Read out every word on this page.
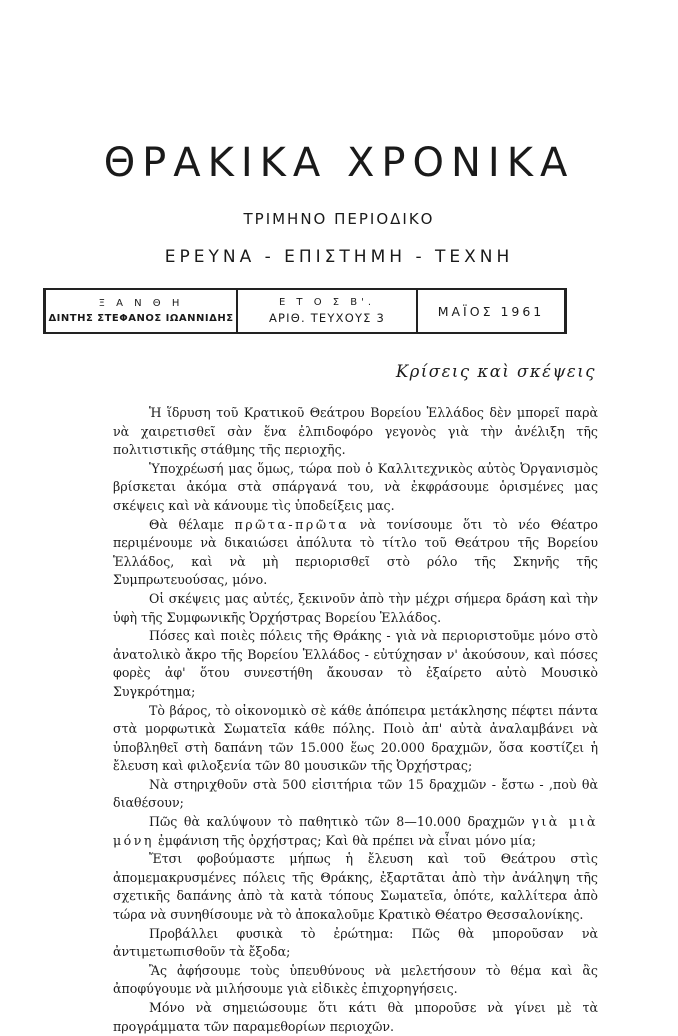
ΘΡΑΚΙΚΑ ΧΡΟΝΙΚΑ
ΤΡΙΜΗΝΟ ΠΕΡΙΟΔΙΚΟ
ΕΡΕΥΝΑ - ΕΠΙΣΤΗΜΗ - ΤΕΧΝΗ
Ξ Α Ν Θ Η
ΔΙΝΤΗΣ ΣΤΕΦΑΝΟΣ ΙΩΑΝΝΙΔΗΣ
Ε Τ Ο Σ Β'.
ΑΡΙΘ. ΤΕΥΧΟΥΣ 3	ΜΑΪΟΣ 1961
Κρίσεις καὶ σκέψεις

Ἡ ἵδρυση τοῦ Κρατικοῦ Θεάτρου Βορείου Ἑλλάδος δὲν μπορεῖ παρὰ νὰ χαιρετισθεῖ σὰν ἕνα ἐλπιδοφόρο γεγονὸς γιὰ τὴν ἀνέλιξη τῆς πολιτιστικῆς στάθμης τῆς περιοχῆς.

Ὑποχρέωσή μας ὅμως, τώρα ποὺ ὁ Καλλιτεχνικὸς αὐτὸς Ὀργανισμὸς βρίσκεται ἀκόμα στὰ σπάργανά του, νὰ ἐκφράσουμε ὁρισμένες μας σκέψεις καὶ νὰ κάνουμε τὶς ὑποδείξεις μας.

Θὰ θέλαμε πρῶτα-πρῶτα νὰ τονίσουμε ὅτι τὸ νέο Θέατρο περιμένουμε νὰ δικαιώσει ἀπόλυτα τὸ τίτλο τοῦ Θεάτρου τῆς Βορείου Ἑλλάδος, καὶ νὰ μὴ περιορισθεῖ στὸ ρόλο τῆς Σκηνῆς τῆς Συμπρωτευούσας, μόνο.

Οἱ σκέψεις μας αὐτές, ξεκινοῦν ἀπὸ τὴν μέχρι σήμερα δράση καὶ τὴν ὑφὴ τῆς Συμφωνικῆς Ὀρχήστρας Βορείου Ἑλλάδος.

Πόσες καὶ ποιὲς πόλεις τῆς Θράκης - γιὰ νὰ περιοριστοῦμε μόνο στὸ ἀνατολικὸ ἄκρο τῆς Βορείου Ἑλλάδος - εὐτύχησαν ν' ἀκούσουν, καὶ πόσες φορὲς ἀφ' ὅτου συνεστήθη ἄκουσαν τὸ ἐξαίρετο αὐτὸ Μουσικὸ Συγκρότημα;

Τὸ βάρος, τὸ οἰκονομικὸ σὲ κάθε ἀπόπειρα μετάκλησης πέφτει πάντα στὰ μορφωτικὰ Σωματεῖα κάθε πόλης. Ποιὸ ἀπ' αὐτὰ ἀναλαμβάνει νὰ ὑποβληθεῖ στὴ δαπάνη τῶν 15.000 ἕως 20.000 δραχμῶν, ὅσα κοστίζει ἡ ἔλευση καὶ φιλοξενία τῶν 80 μουσικῶν τῆς Ὀρχήστρας;

Νὰ στηριχθοῦν στὰ 500 εἰσιτήρια τῶν 15 δραχμῶν - ἔστω - ,ποὺ θὰ διαθέσουν;

Πῶς θὰ καλύψουν τὸ παθητικὸ τῶν 8—10.000 δραχμῶν γιὰ μιὰ μόνη ἐμφάνιση τῆς ὀρχήστρας; Καὶ θὰ πρέπει νὰ εἶναι μόνο μία;

Ἔτσι φοβούμαστε μήπως ἡ ἔλευση καὶ τοῦ Θεάτρου στὶς ἀπομεμακρυσμένες πόλεις τῆς Θράκης, ἐξαρτᾶται ἀπὸ τὴν ἀνάληψη τῆς σχετικῆς δαπάνης ἀπὸ τὰ κατὰ τόπους Σωματεῖα, ὁπότε, καλλίτερα ἀπὸ τώρα νὰ συνηθίσουμε νὰ τὸ ἀποκαλοῦμε Κρατικὸ Θέατρο Θεσσαλονίκης.

Προβάλλει φυσικὰ τὸ ἐρώτημα: Πῶς θὰ μποροῦσαν νὰ ἀντιμετωπισθοῦν τὰ ἔξοδα;

Ἂς ἀφήσουμε τοὺς ὑπευθύνους νὰ μελετήσουν τὸ θέμα καὶ ἂς ἀποφύγουμε νὰ μιλήσουμε γιὰ εἰδικὲς ἐπιχορηγήσεις.

Μόνο νὰ σημειώσουμε ὅτι κάτι θὰ μποροῦσε νὰ γίνει μὲ τὰ προγράμματα τῶν παραμεθορίων περιοχῶν.
